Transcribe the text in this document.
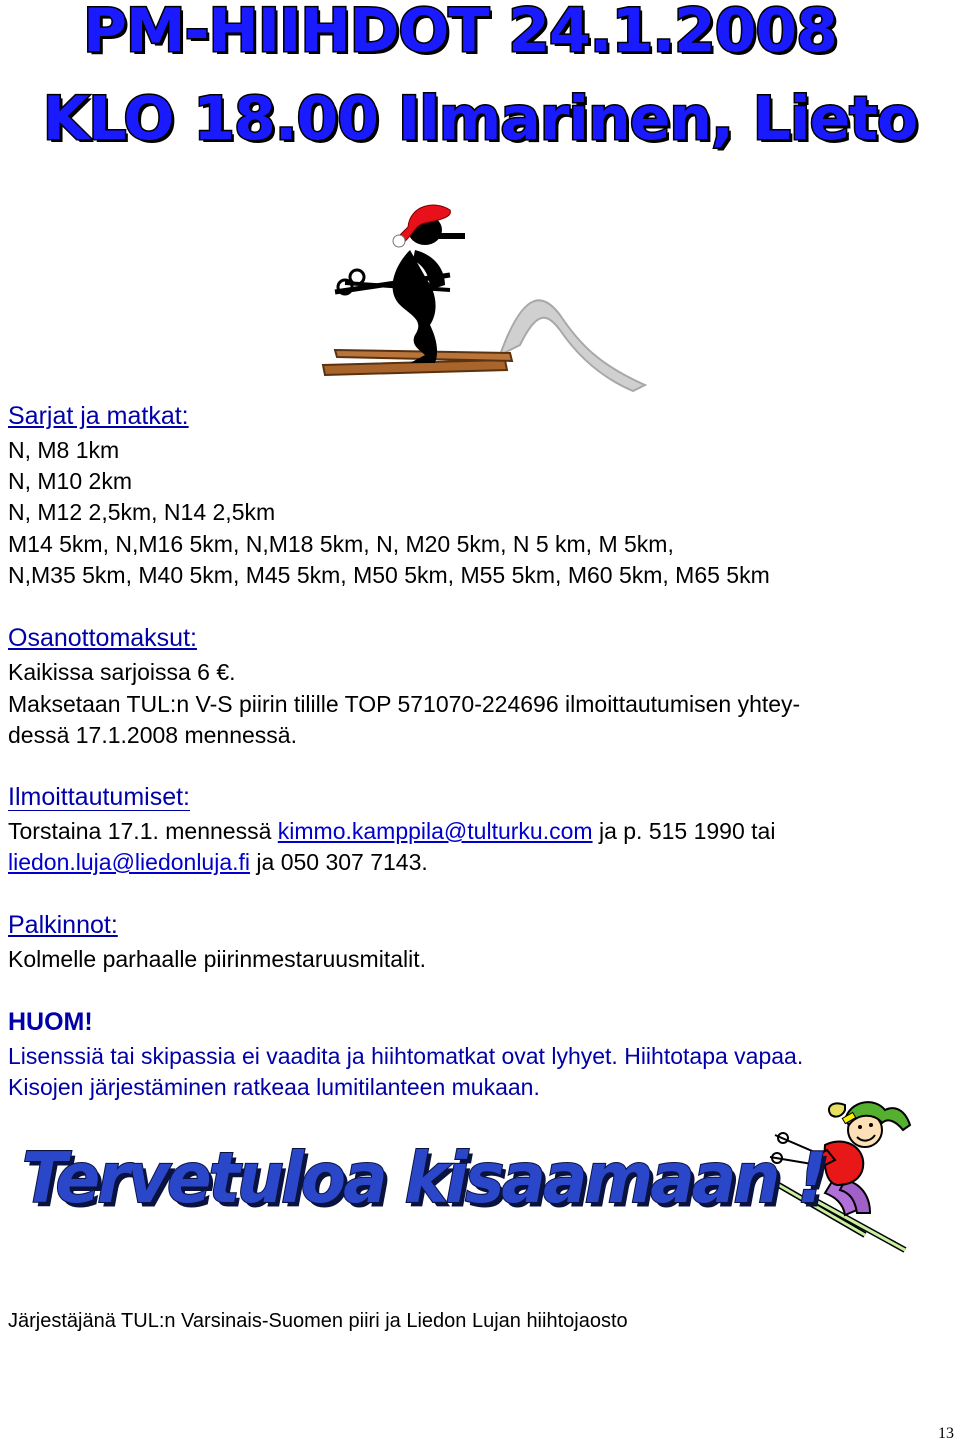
PM-HIIHDOT 24.1.2008
KLO 18.00 Ilmarinen, Lieto
Sarjat ja matkat:
N, M8 1km
N, M10 2km
N, M12 2,5km, N14 2,5km
M14 5km, N,M16 5km, N,M18 5km, N, M20 5km, N 5 km, M 5km,
N,M35 5km, M40 5km, M45 5km, M50 5km, M55 5km, M60 5km, M65 5km
Osanottomaksut:
Kaikissa sarjoissa 6 €.
Maksetaan TUL:n V-S piirin tilille TOP 571070-224696 ilmoittautumisen yhtey-
dessä 17.1.2008 mennessä.
Ilmoittautumiset:
Torstaina 17.1. mennessä kimmo.kamppila@tulturku.com ja p. 515 1990 tai
liedon.luja@liedonluja.fi ja 050 307 7143.
Palkinnot:
Kolmelle parhaalle piirinmestaruusmitalit.
HUOM!
Lisenssiä tai skipassia ei vaadita ja hiihtomatkat ovat lyhyet. Hiihtotapa vapaa.
Kisojen järjestäminen ratkeaa lumitilanteen mukaan.
Tervetuloa kisaamaan !
Järjestäjänä TUL:n Varsinais-Suomen piiri ja Liedon Lujan hiihtojaosto
13
